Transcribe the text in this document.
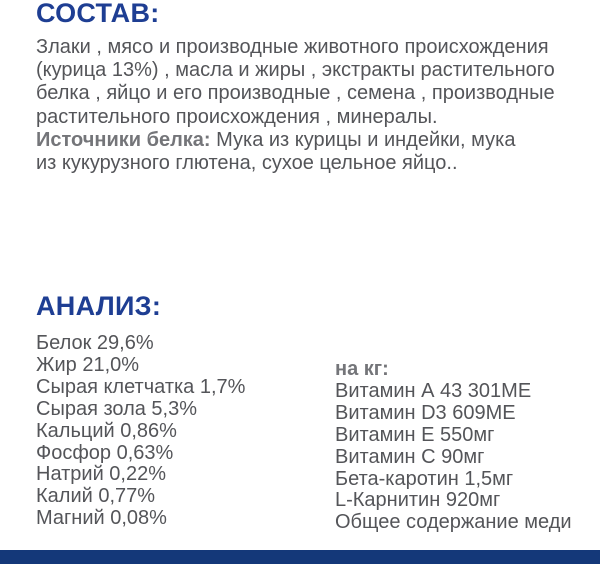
СОСТАВ:
Злаки , мясо и производные животного происхождения
(курица 13%) , масла и жиры , экстракты растительного
белка , яйцо и его производные , семена , производные
растительного происхождения , минералы.
Источники белка: Мука из курицы и индейки, мука
из кукурузного глютена, сухое цельное яйцо..
АНАЛИЗ:
Белок 29,6%
Жир 21,0%
Сырая клетчатка 1,7%
Сырая зола 5,3%
Кальций 0,86%
Фосфор 0,63%
Натрий 0,22%
Калий 0,77%
Магний 0,08%
на кг:
Витамин А 43 301МЕ
Витамин D3 609МЕ
Витамин Е 550мг
Витамин С 90мг
Бета-каротин 1,5мг
L-Карнитин 920мг
Общее содержание меди
